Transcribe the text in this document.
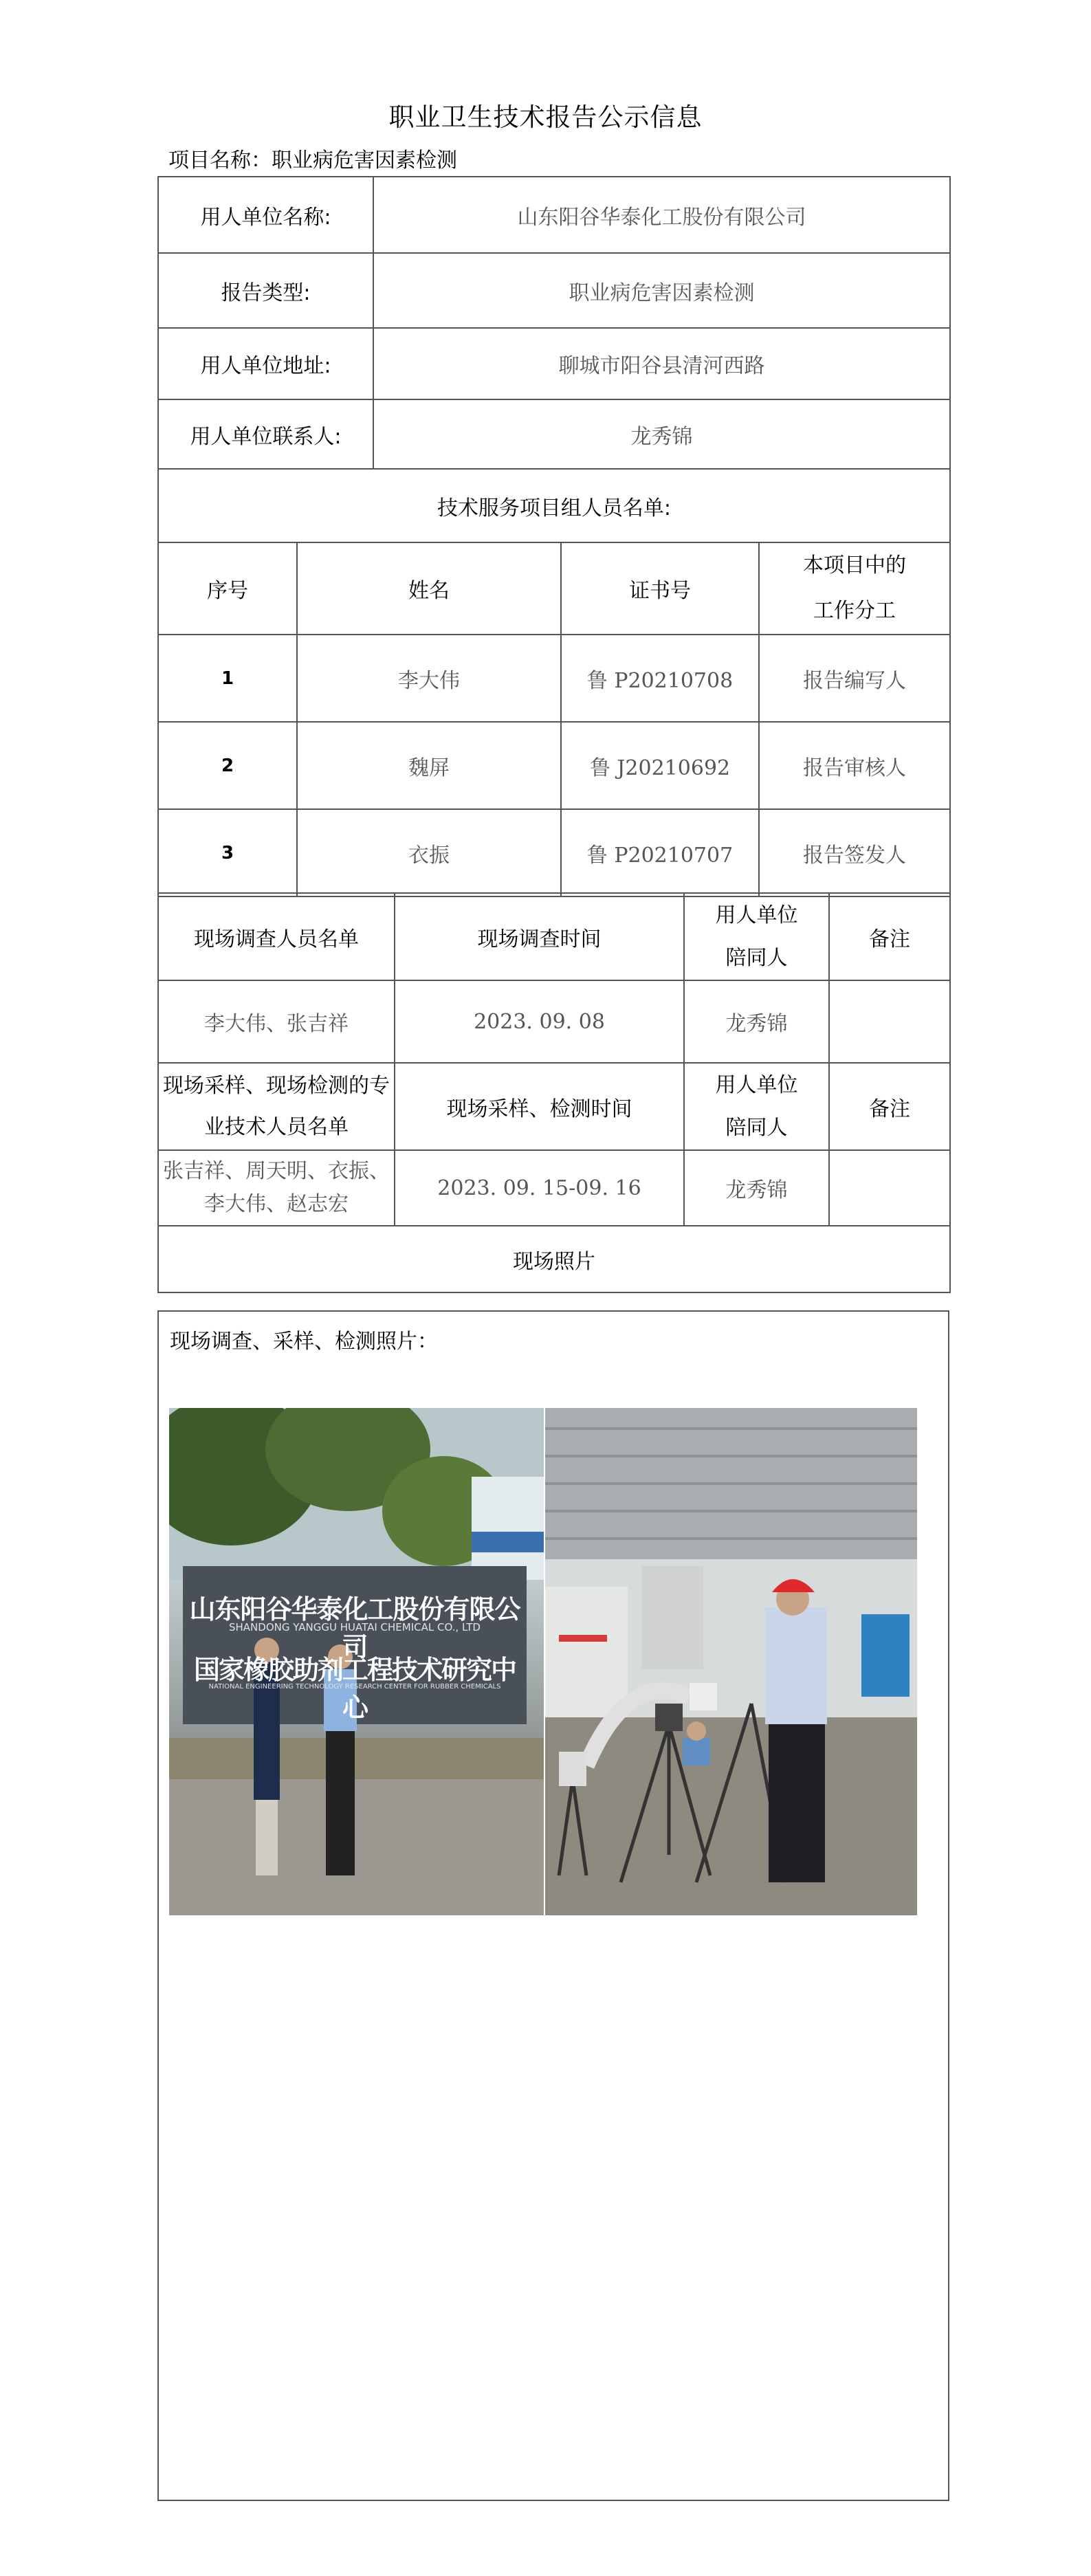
职业卫生技术报告公示信息
项目名称：职业病危害因素检测
用人单位名称:	山东阳谷华泰化工股份有限公司
报告类型:	职业病危害因素检测
用人单位地址:	聊城市阳谷县清河西路
用人单位联系人:	龙秀锦
技术服务项目组人员名单:	
序号	姓名	证书号	本项目中的工作分工
1	李大伟	鲁 P20210708	报告编写人
2	魏屏	鲁 J20210692	报告审核人
3	衣振	鲁 P20210707	报告签发人
现场调查人员名单	现场调查时间	用人单位陪同人	备注
李大伟、张吉祥	2023. 09. 08	龙秀锦	
现场采样、现场检测的专业技术人员名单	现场采样、检测时间	用人单位陪同人	备注
张吉祥、周天明、衣振、李大伟、赵志宏	2023. 09. 15-09. 16	龙秀锦	
现场照片			
现场调查、采样、检测照片：
山东阳谷华泰化工股份有限公司
SHANDONG YANGGU HUATAI CHEMICAL CO., LTD
国家橡胶助剂工程技术研究中心
NATIONAL ENGINEERING TECHNOLOGY RESEARCH CENTER FOR RUBBER CHEMICALS
